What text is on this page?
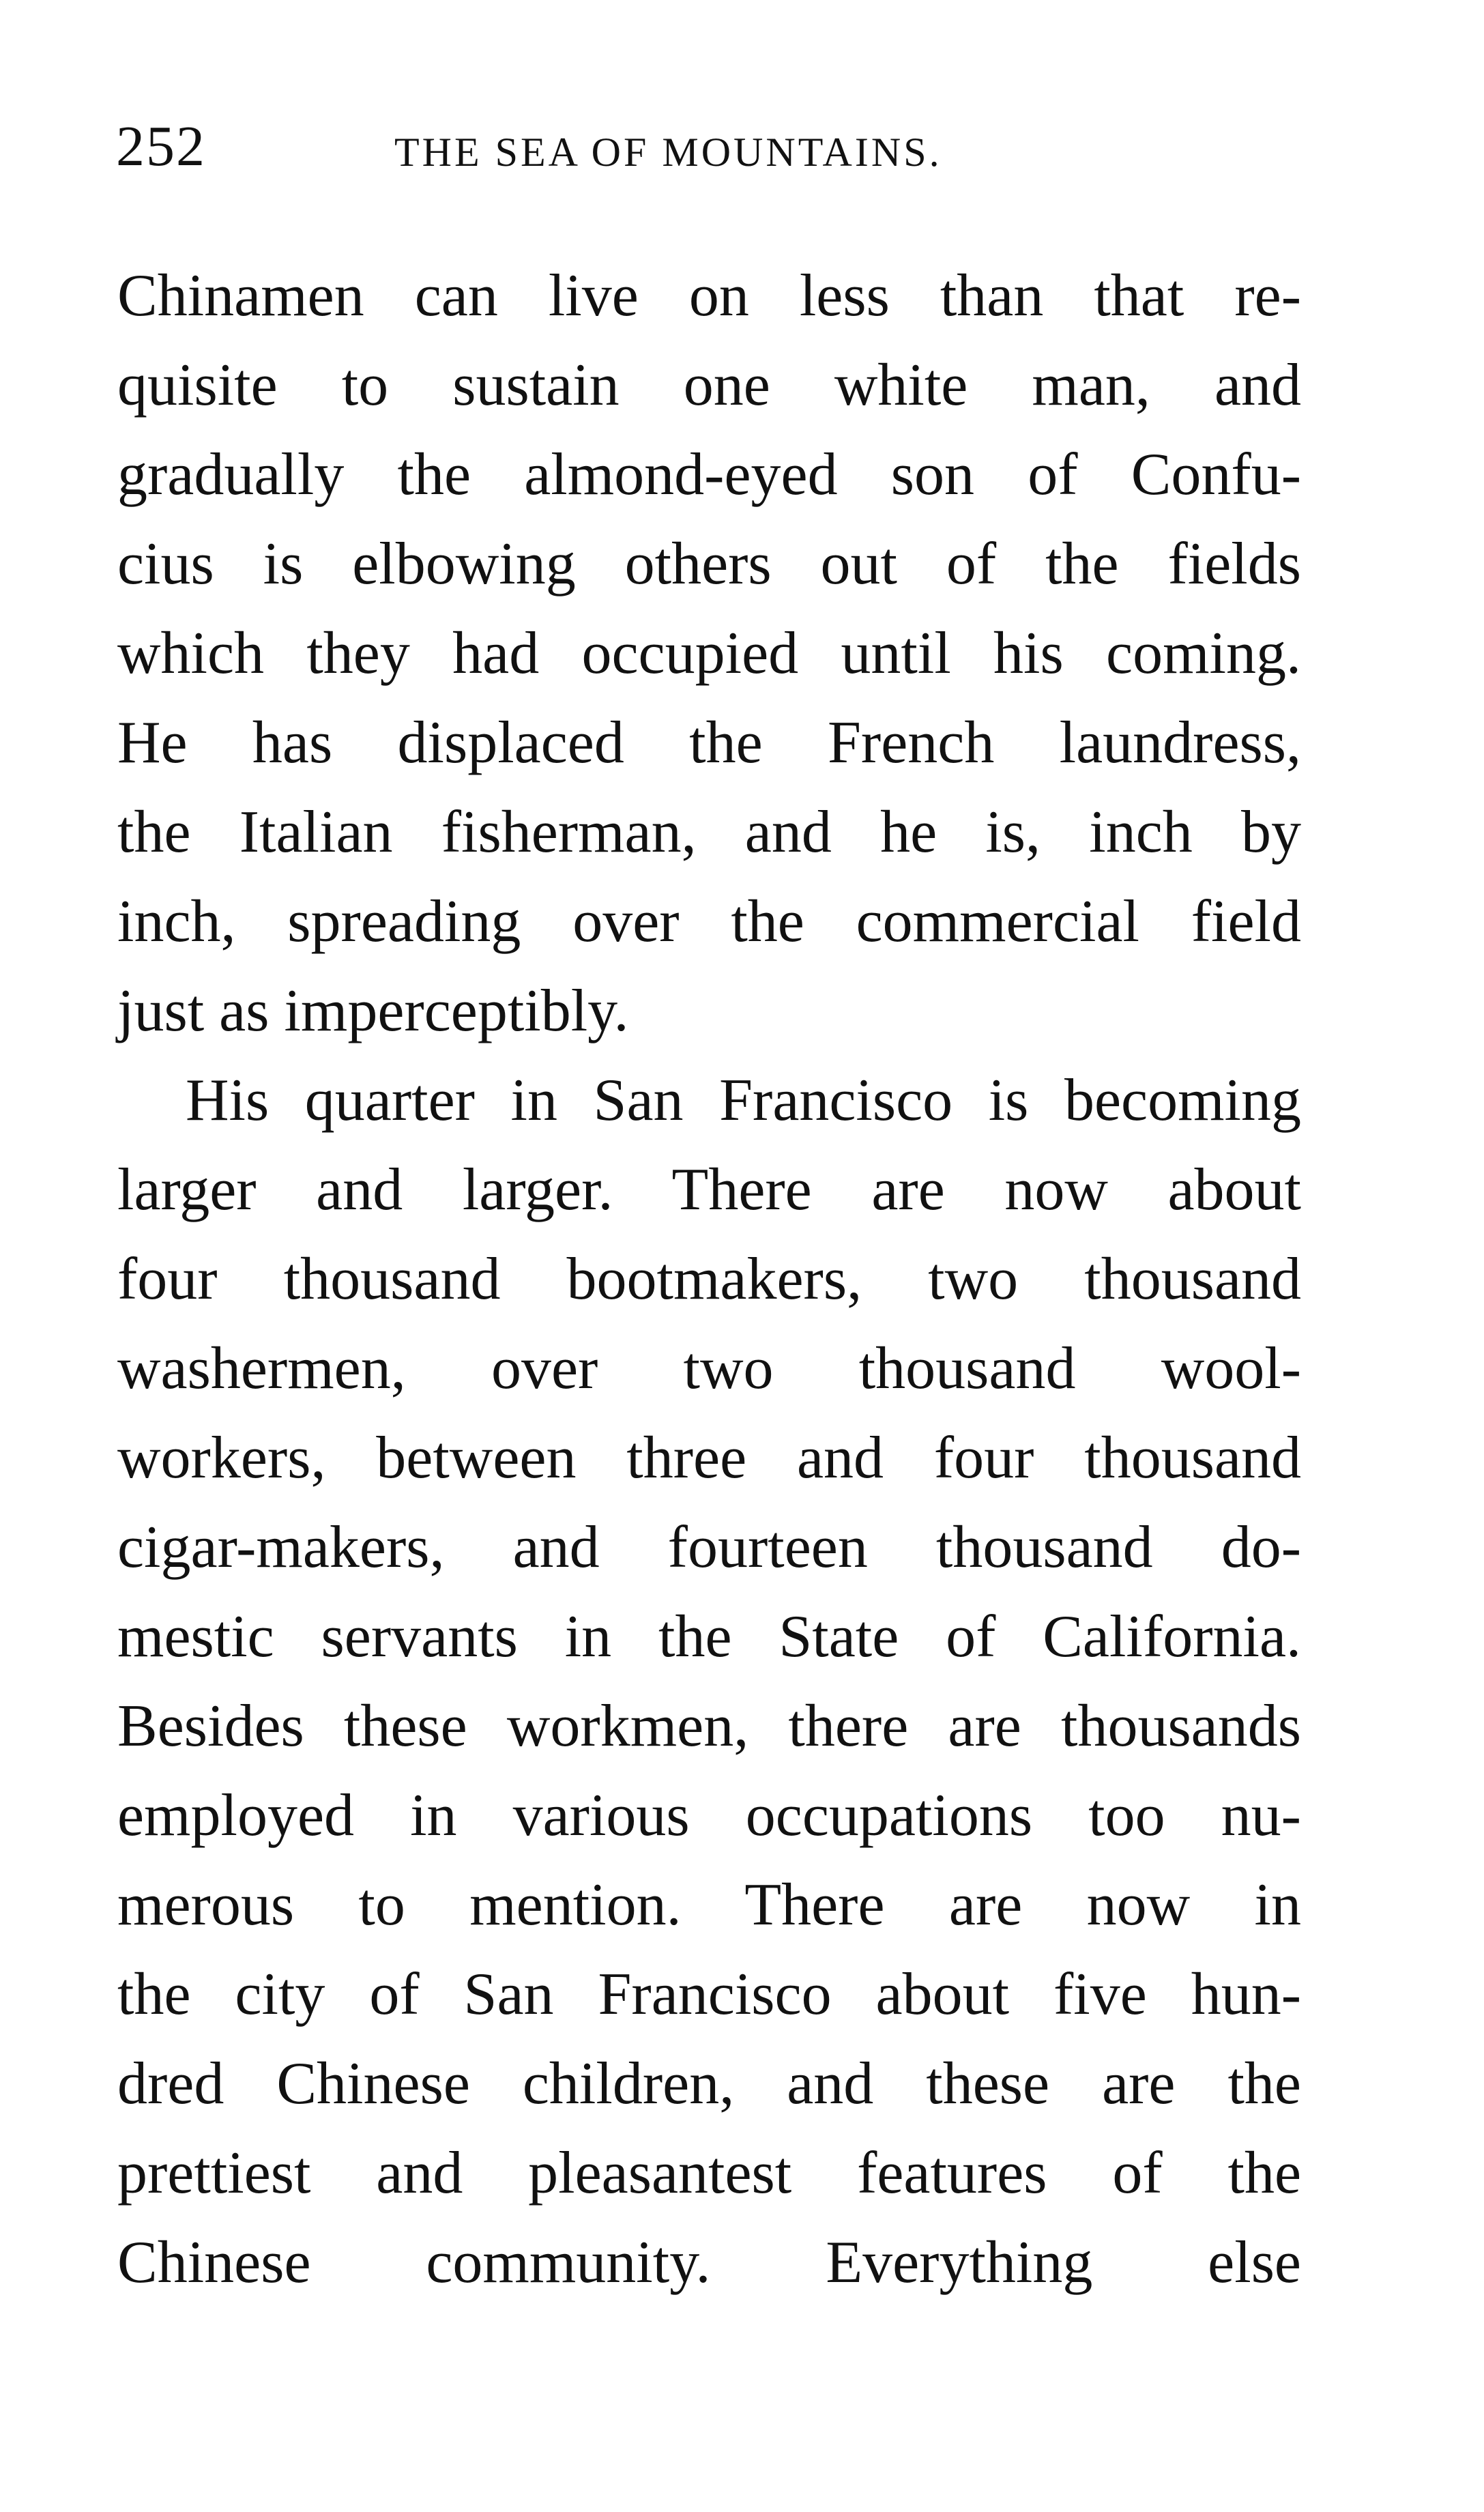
252	THE SEA OF MOUNTAINS.
Chinamen can live on less than that re-
quisite to sustain one white man, and
gradually the almond-eyed son of Confu-
cius is elbowing others out of the fields
which they had occupied until his coming.
He has displaced the French laundress,
the Italian fisherman, and he is, inch by
inch, spreading over the commercial field
just as imperceptibly.
His quarter in San Francisco is becoming
larger and larger. There are now about
four thousand bootmakers, two thousand
washermen, over two thousand wool-
workers, between three and four thousand
cigar-makers, and fourteen thousand do-
mestic servants in the State of California.
Besides these workmen, there are thousands
employed in various occupations too nu-
merous to mention. There are now in
the city of San Francisco about five hun-
dred Chinese children, and these are the
prettiest and pleasantest features of the
Chinese community. Everything else
